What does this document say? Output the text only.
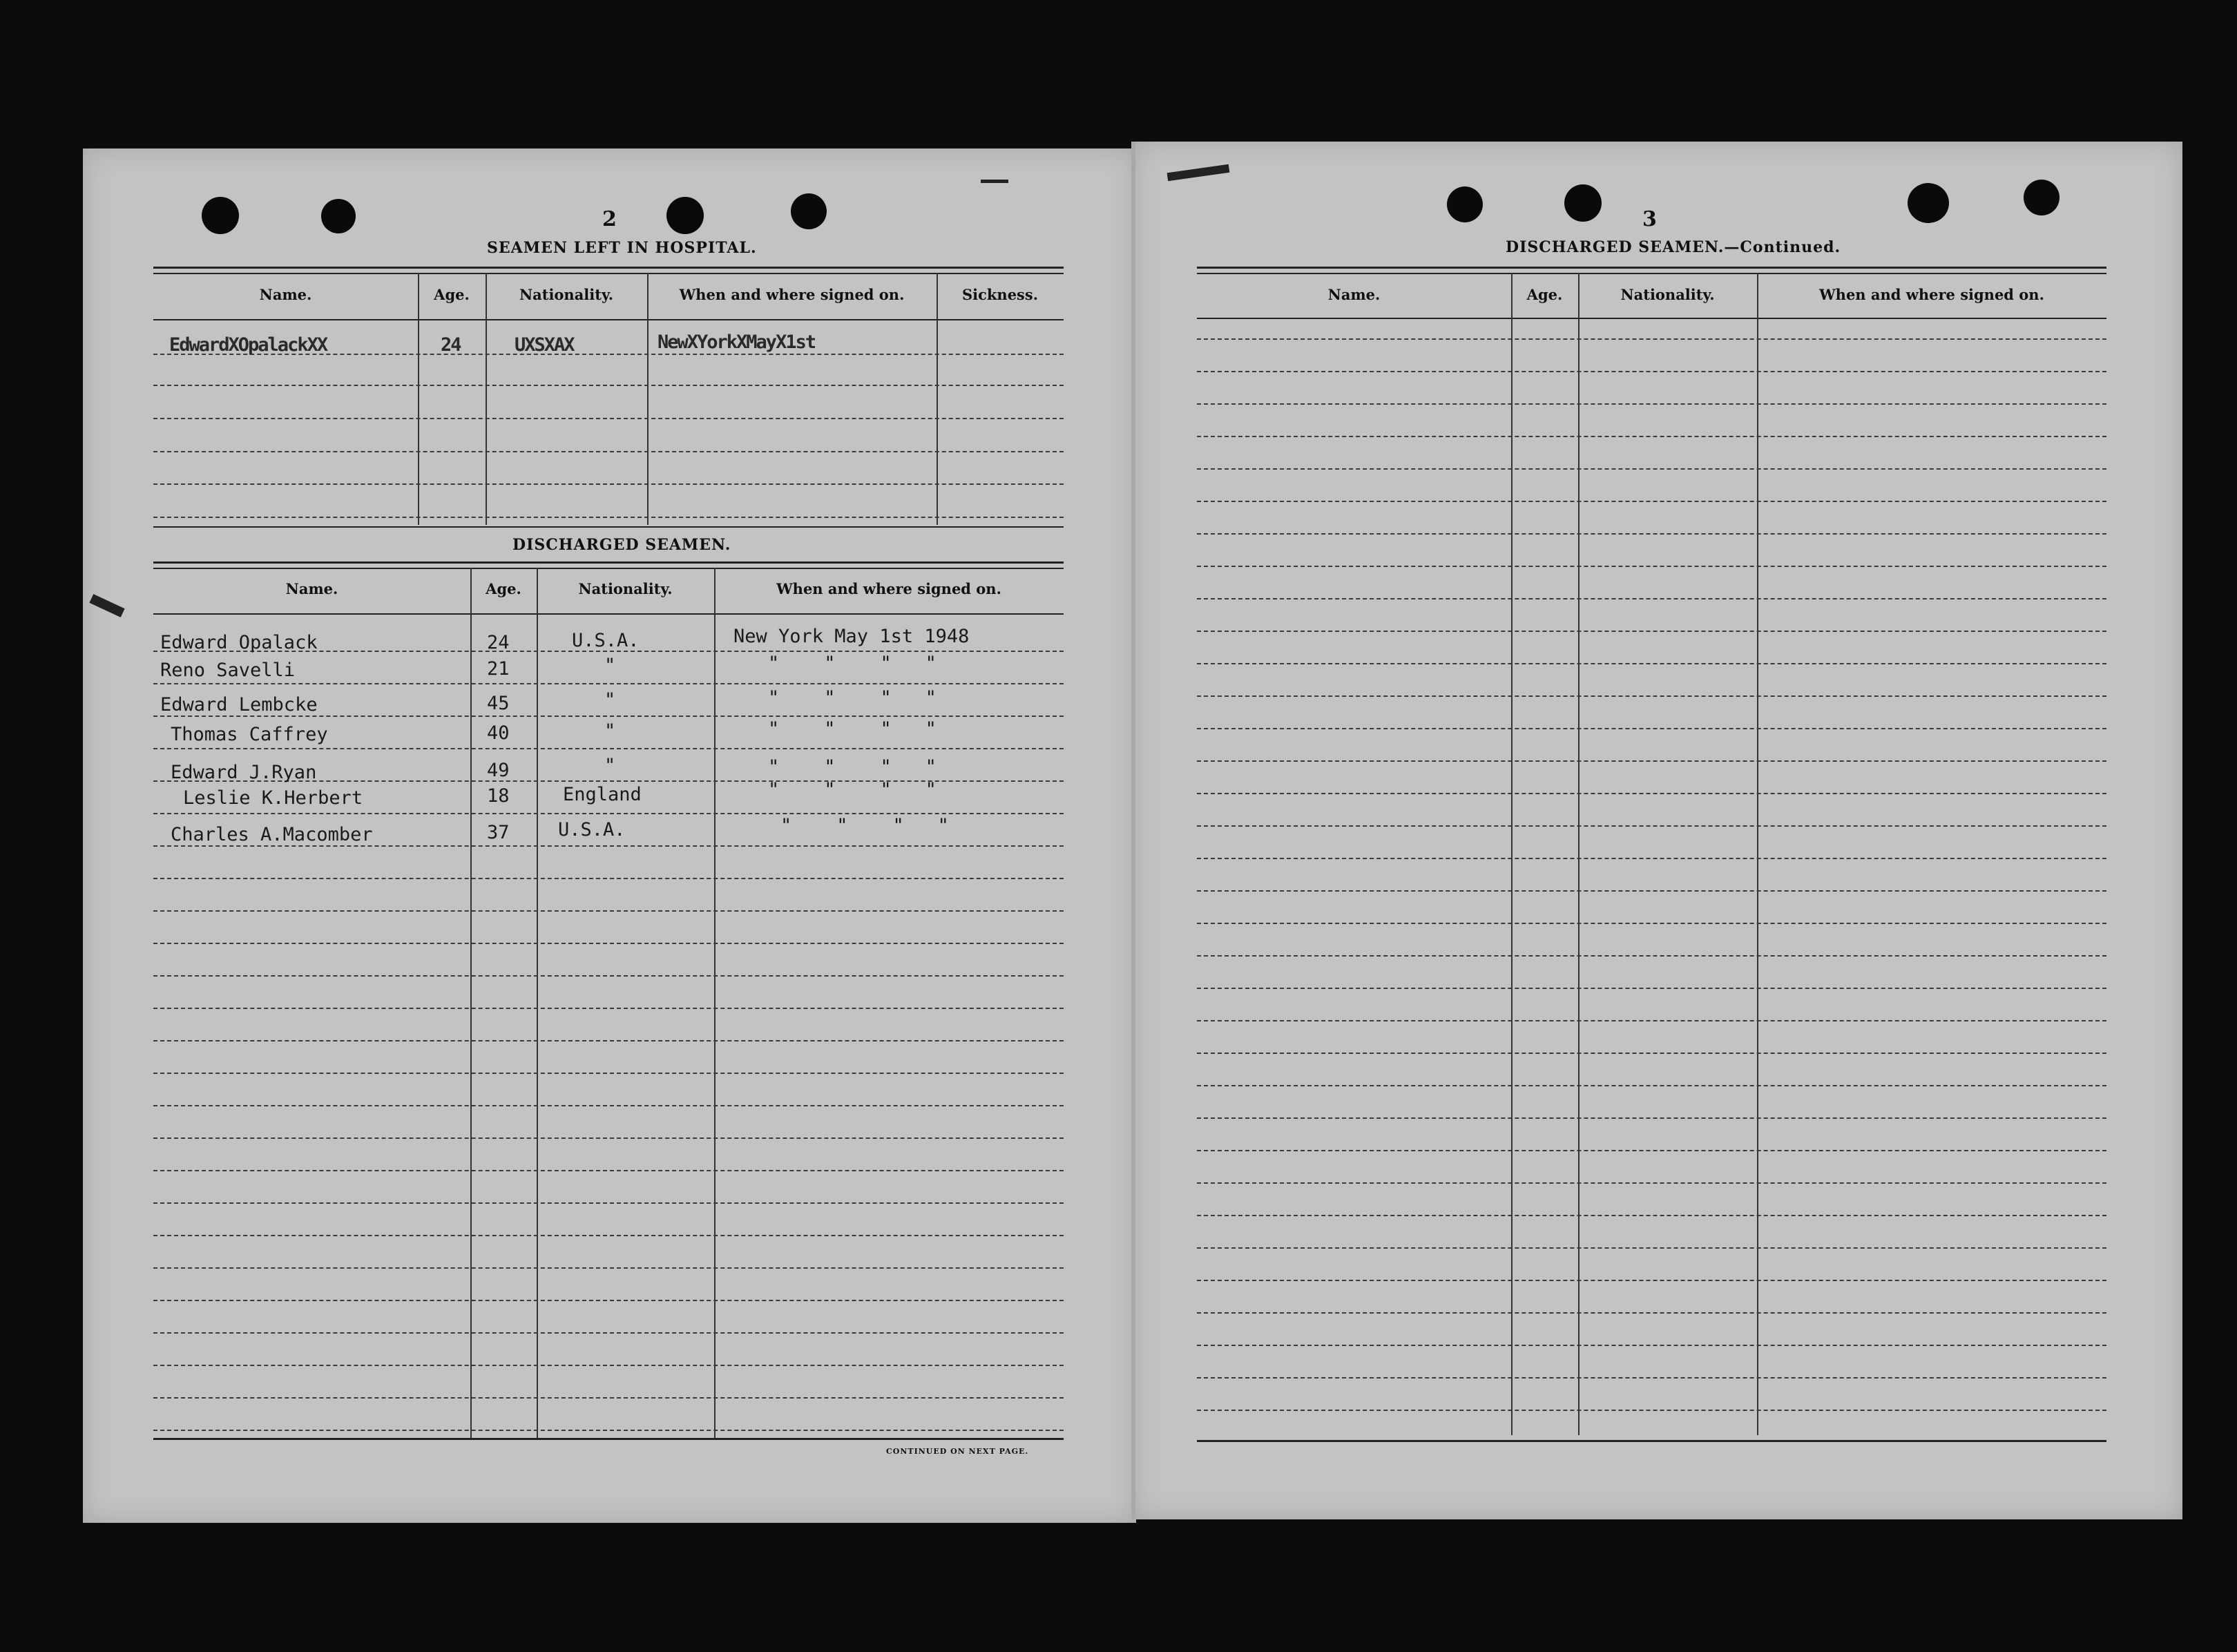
2
SEAMEN LEFT IN HOSPITAL.
Name.	Age.	Nationality.	When and where signed on.	Sickness.
EdwardXOpalackXX	24	UXSXAX	NewXYorkXMayX1st
DISCHARGED SEAMEN.
Name.	Age.	Nationality.	When and where signed on.
Edward Opalack	24	U.S.A.	New York May 1st 1948
Reno Savelli	21	"	"    "    "   "
Edward Lembcke	45	"	"    "    "   "
Thomas Caffrey	40	"	"    "    "   "
Edward J.Ryan	49	"	"    "    "   "
Leslie K.Herbert	18	England	"    "    "   "
Charles A.Macomber	37	U.S.A.	"    "    "   "
CONTINUED ON NEXT PAGE.
3
DISCHARGED SEAMEN.—Continued.
Name.	Age.	Nationality.	When and where signed on.
